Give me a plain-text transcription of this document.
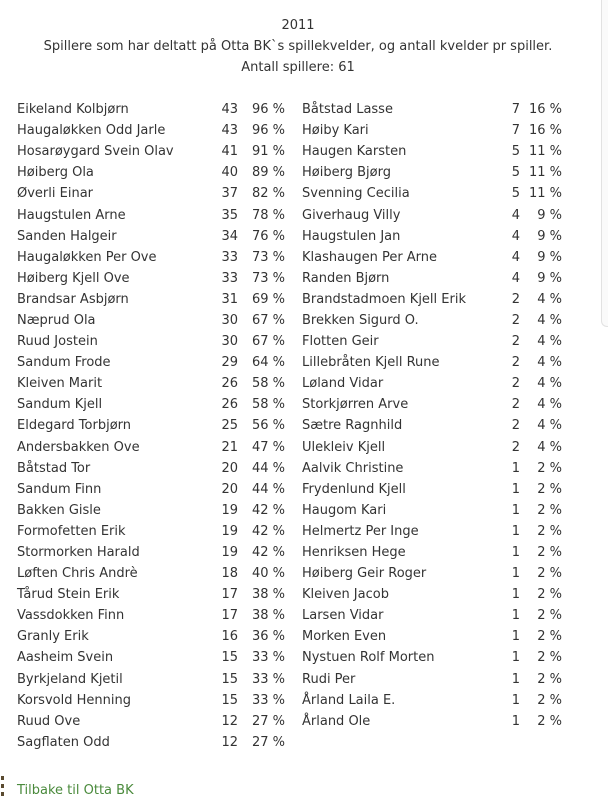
2011
Spillere som har deltatt på Otta BK`s spillekvelder, og antall kvelder pr spiller.
Antall spillere: 61
Eikeland Kolbjørn	43	96 % Båtstad Lasse	7 16 %
Haugaløkken Odd Jarle	43	96 % Høiby Kari	7 16 %
Hosarøygard Svein Olav	41	91 % Haugen Karsten	5 11 %
Høiberg Ola	40	89 % Høiberg Bjørg	5 11 %
Øverli Einar	37	82 % Svenning Cecilia	5 11 %
Haugstulen Arne	35	78 % Giverhaug Villy	4	9 %
Sanden Halgeir	34	76 % Haugstulen Jan	4	9 %
Haugaløkken Per Ove	33	73 % Klashaugen Per Arne	4	9 %
Høiberg Kjell Ove	33	73 % Randen Bjørn	4	9 %
Brandsar Asbjørn	31	69 % Brandstadmoen Kjell Erik	2	4 %
Næprud Ola	30	67 % Brekken Sigurd O.	2	4 %
Ruud Jostein	30	67 % Flotten Geir	2	4 %
Sandum Frode	29	64 % Lillebråten Kjell Rune	2	4 %
Kleiven Marit	26	58 % Løland Vidar	2	4 %
Sandum Kjell	26	58 % Storkjørren Arve	2	4 %
Eldegard Torbjørn	25	56 % Sætre Ragnhild	2	4 %
Andersbakken Ove	21	47 % Ulekleiv Kjell	2	4 %
Båtstad Tor	20	44 % Aalvik Christine	1	2 %
Sandum Finn	20	44 % Frydenlund Kjell	1	2 %
Bakken Gisle	19	42 % Haugom Kari	1	2 %
Formofetten Erik	19	42 % Helmertz Per Inge	1	2 %
Stormorken Harald	19	42 % Henriksen Hege	1	2 %
Løften Chris Andrè	18	40 % Høiberg Geir Roger	1	2 %
Tårud Stein Erik	17	38 % Kleiven Jacob	1	2 %
Vassdokken Finn	17	38 % Larsen Vidar	1	2 %
Granly Erik	16	36 % Morken Even	1	2 %
Aasheim Svein	15	33 % Nystuen Rolf Morten	1	2 %
Byrkjeland Kjetil	15	33 % Rudi Per	1	2 %
Korsvold Henning	15	33 % Årland Laila E.	1	2 %
Ruud Ove	12	27 % Årland Ole	1	2 %
Sagflaten Odd	12	27 %
Tilbake til Otta BK
